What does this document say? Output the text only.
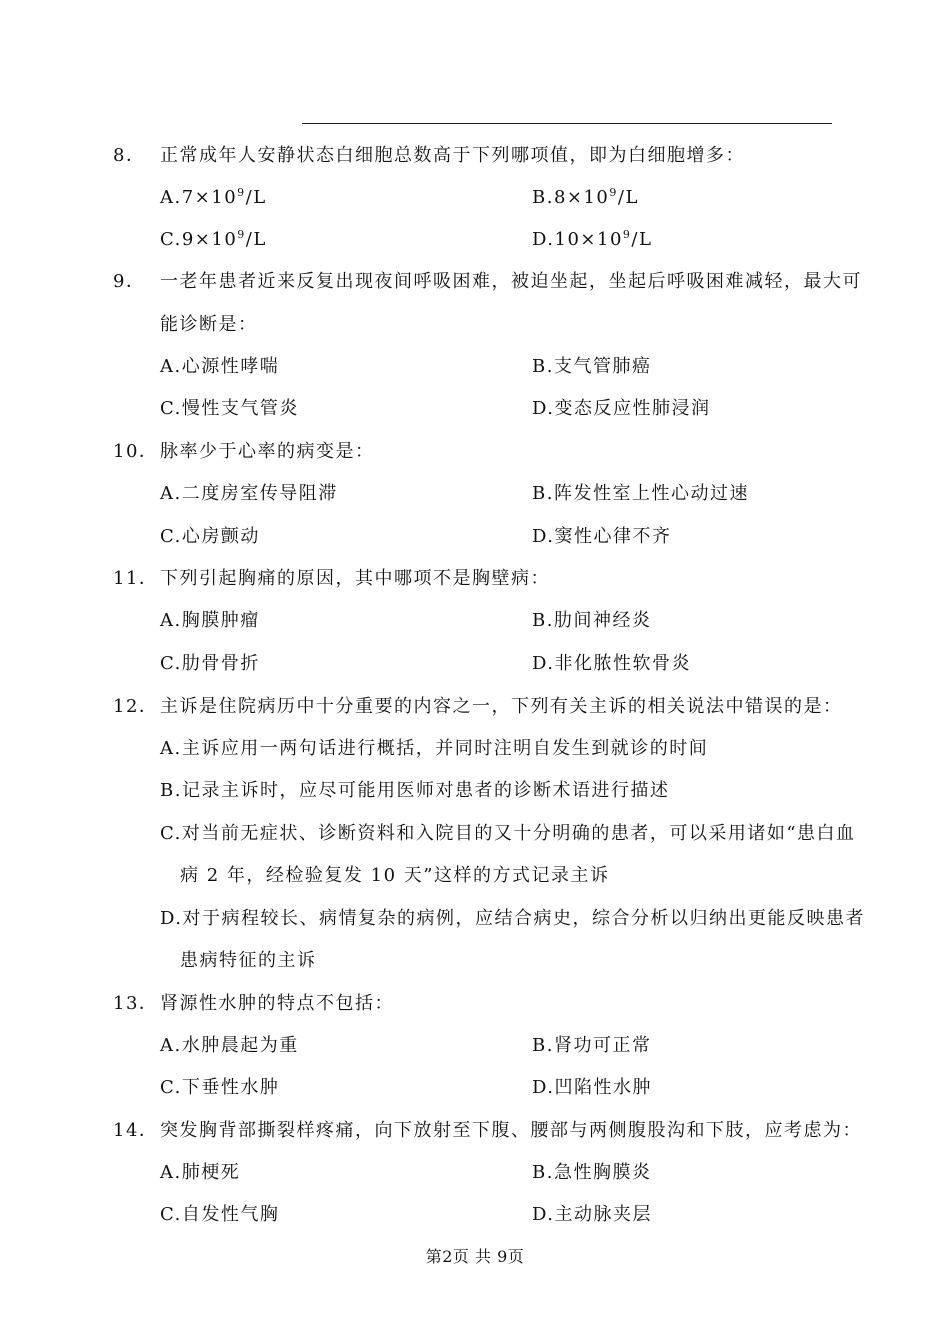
8． 正常成年人安静状态白细胞总数高于下列哪项值，即为白细胞增多：
$A.7\times 10^9/L$	$B.8\times 10^9/L$
$C.9\times 10^9/L$	$D.10\times 10^9/L$
9． 一老年患者近来反复出现夜间呼吸困难，被迫坐起，坐起后呼吸困难减轻，最大可
能诊断是：
A.心源性哮喘	B.支气管肺癌
C.慢性支气管炎	D.变态反应性肺浸润
10． 脉率少于心率的病变是：
A.二度房室传导阻滞	B.阵发性室上性心动过速
C.心房颤动	D.窦性心律不齐
11． 下列引起胸痛的原因，其中哪项不是胸壁病：
A.胸膜肿瘤	B.肋间神经炎
C.肋骨骨折	D.非化脓性软骨炎
12． 主诉是住院病历中十分重要的内容之一，下列有关主诉的相关说法中错误的是：
A.主诉应用一两句话进行概括，并同时注明自发生到就诊的时间
B.记录主诉时，应尽可能用医师对患者的诊断术语进行描述
C.对当前无症状、诊断资料和入院目的又十分明确的患者，可以采用诸如“患白血
病 2 年，经检验复发 10 天”这样的方式记录主诉
D.对于病程较长、病情复杂的病例，应结合病史，综合分析以归纳出更能反映患者
患病特征的主诉
13． 肾源性水肿的特点不包括：
A.水肿晨起为重	B.肾功可正常
C.下垂性水肿	D.凹陷性水肿
14． 突发胸背部撕裂样疼痛，向下放射至下腹、腰部与两侧腹股沟和下肢，应考虑为：
A.肺梗死	B.急性胸膜炎
C.自发性气胸	D.主动脉夹层
第2页 共 9页
